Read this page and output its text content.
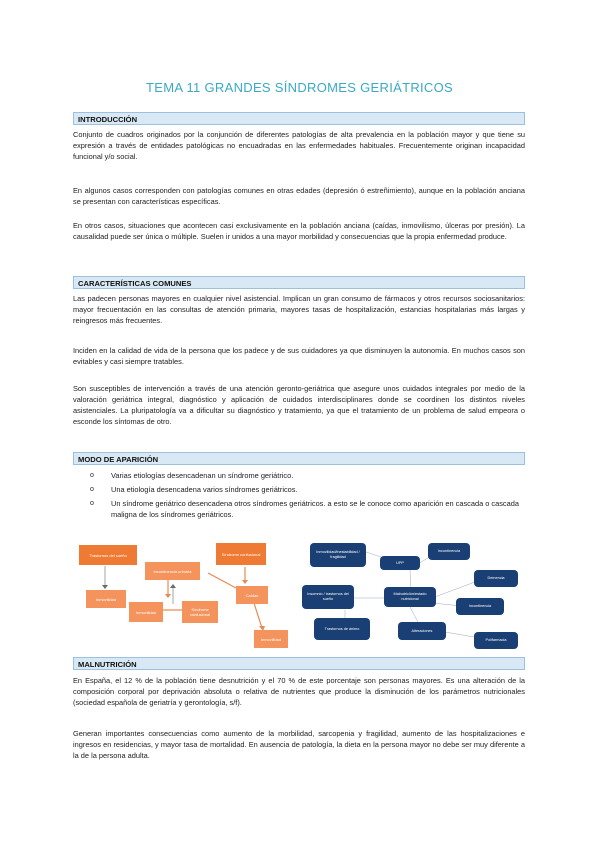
TEMA 11 GRANDES SÍNDROMES GERIÁTRICOS
INTRODUCCIÓN

Conjunto de cuadros originados por la conjunción de diferentes patologías de alta prevalencia en la población mayor y que tiene su expresión a través de entidades patológicas no encuadradas en las enfermedades habituales. Frecuentemente originan incapacidad funcional y/o social.

En algunos casos corresponden con patologías comunes en otras edades (depresión ó estreñimiento), aunque en la población anciana se presentan con características específicas.

En otros casos, situaciones que acontecen casi exclusivamente en la población anciana (caídas, inmovilismo, úlceras por presión). La causalidad puede ser única o múltiple. Suelen ir unidos a una mayor morbilidad y consecuencias que la propia enfermedad produce.

CARACTERÍSTICAS COMUNES

Las padecen personas mayores en cualquier nivel asistencial. Implican un gran consumo de fármacos y otros recursos sociosanitarios: mayor frecuentación en las consultas de atención primaria, mayores tasas de hospitalización, estancias hospitalarias más largas y reingresos más frecuentes.

Inciden en la calidad de vida de la persona que los padece y de sus cuidadores ya que disminuyen la autonomía. En muchos casos son evitables y casi siempre tratables.

Son susceptibles de intervención a través de una atención geronto-geriátrica que asegure unos cuidados integrales por medio de la valoración geriátrica integral, diagnóstico y aplicación de cuidados interdisciplinares donde se coordinen los distintos niveles asistenciales. La pluripatología va a dificultar su diagnóstico y tratamiento, ya que el tratamiento de un problema de salud empeora o esconde los síntomas de otro.

MODO DE APARICIÓN
o Varias etiologías desencadenan un síndrome geriátrico.
o Una etiología desencadena varios síndromes geriátricos.
o Un síndrome geriátrico desencadena otros síndromes geriátricos. a esto se le conoce como aparición en cascada o cascada maligna de los síndromes geriátricos.
Trastornos del sueño
Inmovilidad
Incontinencia urinaria
Inmovilidad	Síndrome confusional
Síndrome confusional
Caídas
Inmovilidad
Inmovilidad/inestabilidad / fragilidad
UPP
Incontinencia
Demencia
Insomnio / trastornos del sueño
Malnutrición/estado nutricional
Incontinencia
Trastornos de ánimo	Alteraciones
Polifarmacia
MALNUTRICIÓN

En España, el 12 % de la población tiene desnutrición y el 70 % de este porcentaje son personas mayores. Es una alteración de la composición corporal por deprivación absoluta o relativa de nutrientes que produce la disminución de los parámetros nutricionales (sociedad española de geriatría y gerontología, s/f).

Generan importantes consecuencias como aumento de la morbilidad, sarcopenia y fragilidad, aumento de las hospitalizaciones e ingresos en residencias, y mayor tasa de mortalidad. En ausencia de patología, la dieta en la persona mayor no debe ser muy diferente a la de la persona adulta.
